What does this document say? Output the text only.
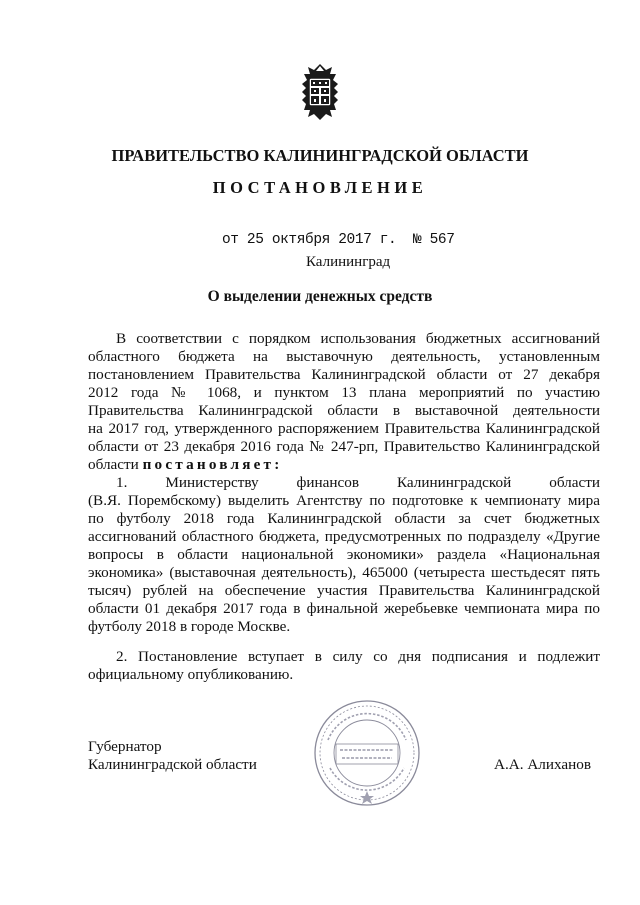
ПРАВИТЕЛЬСТВО КАЛИНИНГРАДСКОЙ ОБЛАСТИ
ПОСТАНОВЛЕНИЕ
от 25 октября 2017 г. № 567
Калининград
О выделении денежных средств
В соответствии с порядком использования бюджетных ассигнований
областного бюджета на выставочную деятельность, установленным
постановлением Правительства Калининградской области от 27 декабря
2012 года № 1068, и пунктом 13 плана мероприятий по участию
Правительства Калининградской области в выставочной деятельности
на 2017 год, утвержденного распоряжением Правительства Калининградской
области от 23 декабря 2016 года № 247-рп, Правительство Калининградской
области постановляет:
1. Министерству финансов Калининградской области
(В.Я. Порембскому) выделить Агентству по подготовке к чемпионату мира
по футболу 2018 года Калининградской области за счет бюджетных
ассигнований областного бюджета, предусмотренных по подразделу «Другие
вопросы в области национальной экономики» раздела «Национальная
экономика» (выставочная деятельность), 465000 (четыреста шестьдесят пять
тысяч) рублей на обеспечение участия Правительства Калининградской
области 01 декабря 2017 года в финальной жеребьевке чемпионата мира по
футболу 2018 в городе Москве.
2. Постановление вступает в силу со дня подписания и подлежит
официальному опубликованию.
Губернатор
Калининградской области	А.А. Алиханов
